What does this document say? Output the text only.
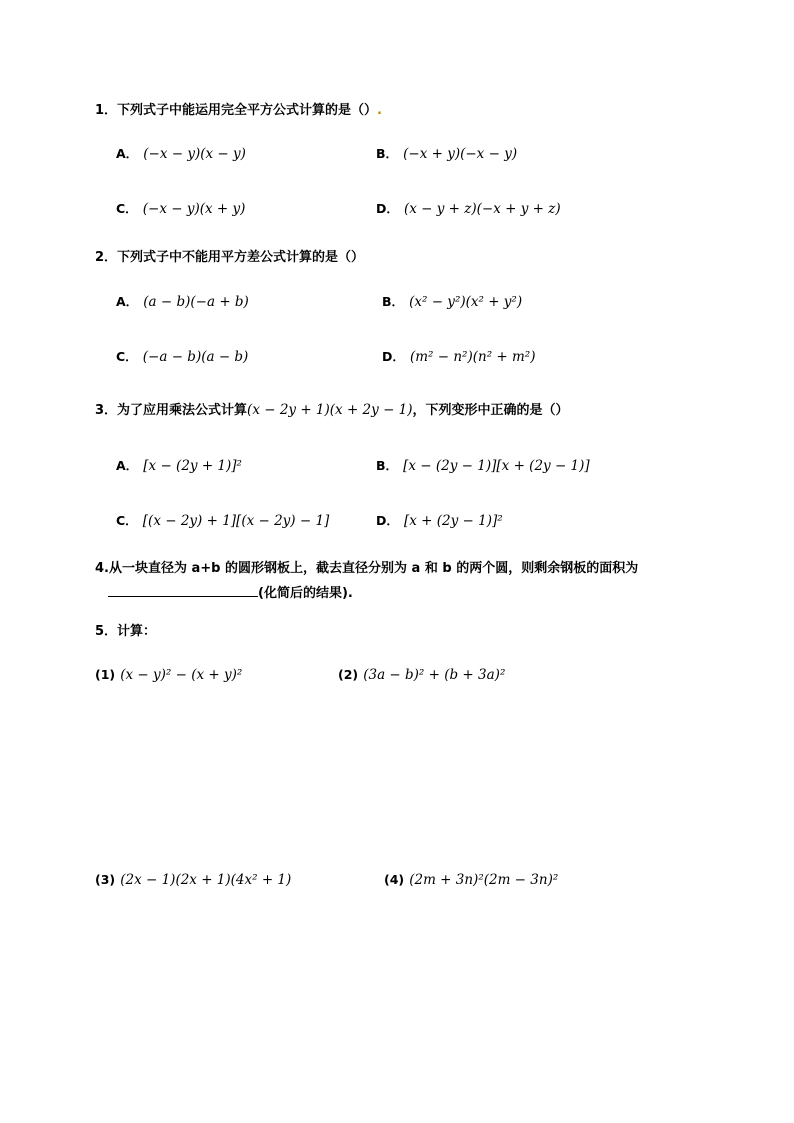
1．下列式子中能运用完全平方公式计算的是（）.
A． (−x − y)(x − y)	B． (−x + y)(−x − y)
C． (−x − y)(x + y)	D． (x − y + z)(−x + y + z)
2．下列式子中不能用平方差公式计算的是（）
A． (a − b)(−a + b)	B． (x² − y²)(x² + y²)
C． (−a − b)(a − b)	D． (m² − n²)(n² + m²)
3．为了应用乘法公式计算(x − 2y + 1)(x + 2y − 1)，下列变形中正确的是（）
A． [x − (2y + 1)]²	B． [x − (2y − 1)][x + (2y − 1)]
C． [(x − 2y) + 1][(x − 2y) − 1]	D． [x + (2y − 1)]²
4.从一块直径为 a+b 的圆形钢板上，截去直径分别为 a 和 b 的两个圆，则剩余钢板的面积为
(化简后的结果).
5．计算：
(1) (x − y)² − (x + y)²	(2) (3a − b)² + (b + 3a)²
(3) (2x − 1)(2x + 1)(4x² + 1)	(4) (2m + 3n)²(2m − 3n)²
